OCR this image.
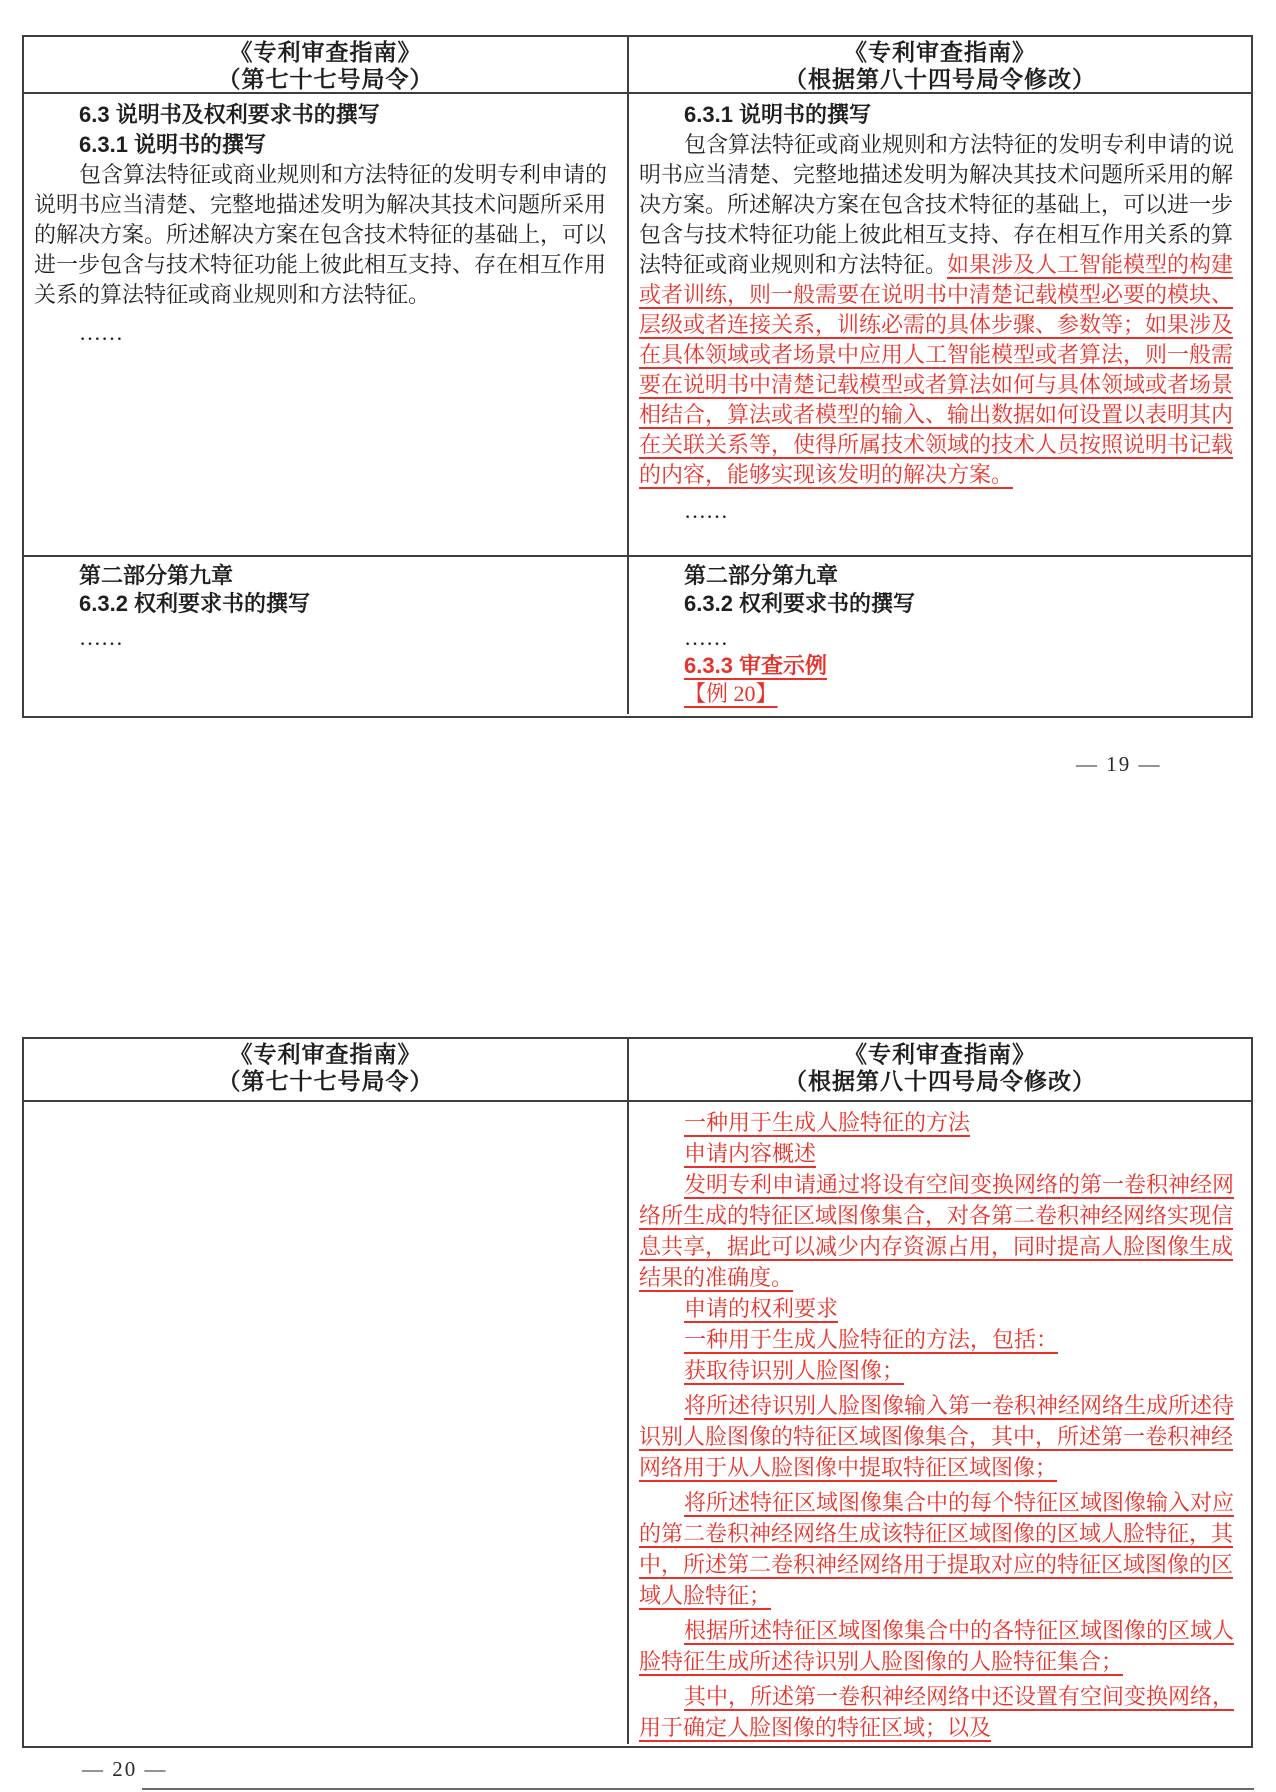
《专利审查指南》
（第七十七号局令）
《专利审查指南》
（根据第八十四号局令修改）

6.3 说明书及权利要求书的撰写

6.3.1 说明书的撰写

包含算法特征或商业规则和方法特征的发明专利申请的说明书应当清楚、完整地描述发明为解决其技术问题所采用的解决方案。所述解决方案在包含技术特征的基础上，可以进一步包含与技术特征功能上彼此相互支持、存在相互作用关系的算法特征或商业规则和方法特征。

……

6.3.1 说明书的撰写

包含算法特征或商业规则和方法特征的发明专利申请的说明书应当清楚、完整地描述发明为解决其技术问题所采用的解决方案。所述解决方案在包含技术特征的基础上，可以进一步包含与技术特征功能上彼此相互支持、存在相互作用关系的算法特征或商业规则和方法特征。如果涉及人工智能模型的构建或者训练，则一般需要在说明书中清楚记载模型必要的模块、层级或者连接关系，训练必需的具体步骤、参数等；如果涉及在具体领域或者场景中应用人工智能模型或者算法，则一般需要在说明书中清楚记载模型或者算法如何与具体领域或者场景相结合，算法或者模型的输入、输出数据如何设置以表明其内在关联关系等，使得所属技术领域的技术人员按照说明书记载的内容，能够实现该发明的解决方案。

……

第二部分第九章

6.3.2 权利要求书的撰写

……

第二部分第九章

6.3.2 权利要求书的撰写

……

6.3.3 审查示例

【例 20】

— 19 —
《专利审查指南》
（第七十七号局令）
《专利审查指南》
（根据第八十四号局令修改）

一种用于生成人脸特征的方法

申请内容概述

发明专利申请通过将设有空间变换网络的第一卷积神经网络所生成的特征区域图像集合，对各第二卷积神经网络实现信息共享，据此可以减少内存资源占用，同时提高人脸图像生成结果的准确度。

申请的权利要求

一种用于生成人脸特征的方法，包括：

获取待识别人脸图像；

将所述待识别人脸图像输入第一卷积神经网络生成所述待识别人脸图像的特征区域图像集合，其中，所述第一卷积神经网络用于从人脸图像中提取特征区域图像；

将所述特征区域图像集合中的每个特征区域图像输入对应的第二卷积神经网络生成该特征区域图像的区域人脸特征，其中，所述第二卷积神经网络用于提取对应的特征区域图像的区域人脸特征；

根据所述特征区域图像集合中的各特征区域图像的区域人脸特征生成所述待识别人脸图像的人脸特征集合；

其中，所述第一卷积神经网络中还设置有空间变换网络，用于确定人脸图像的特征区域；以及

— 20 —
